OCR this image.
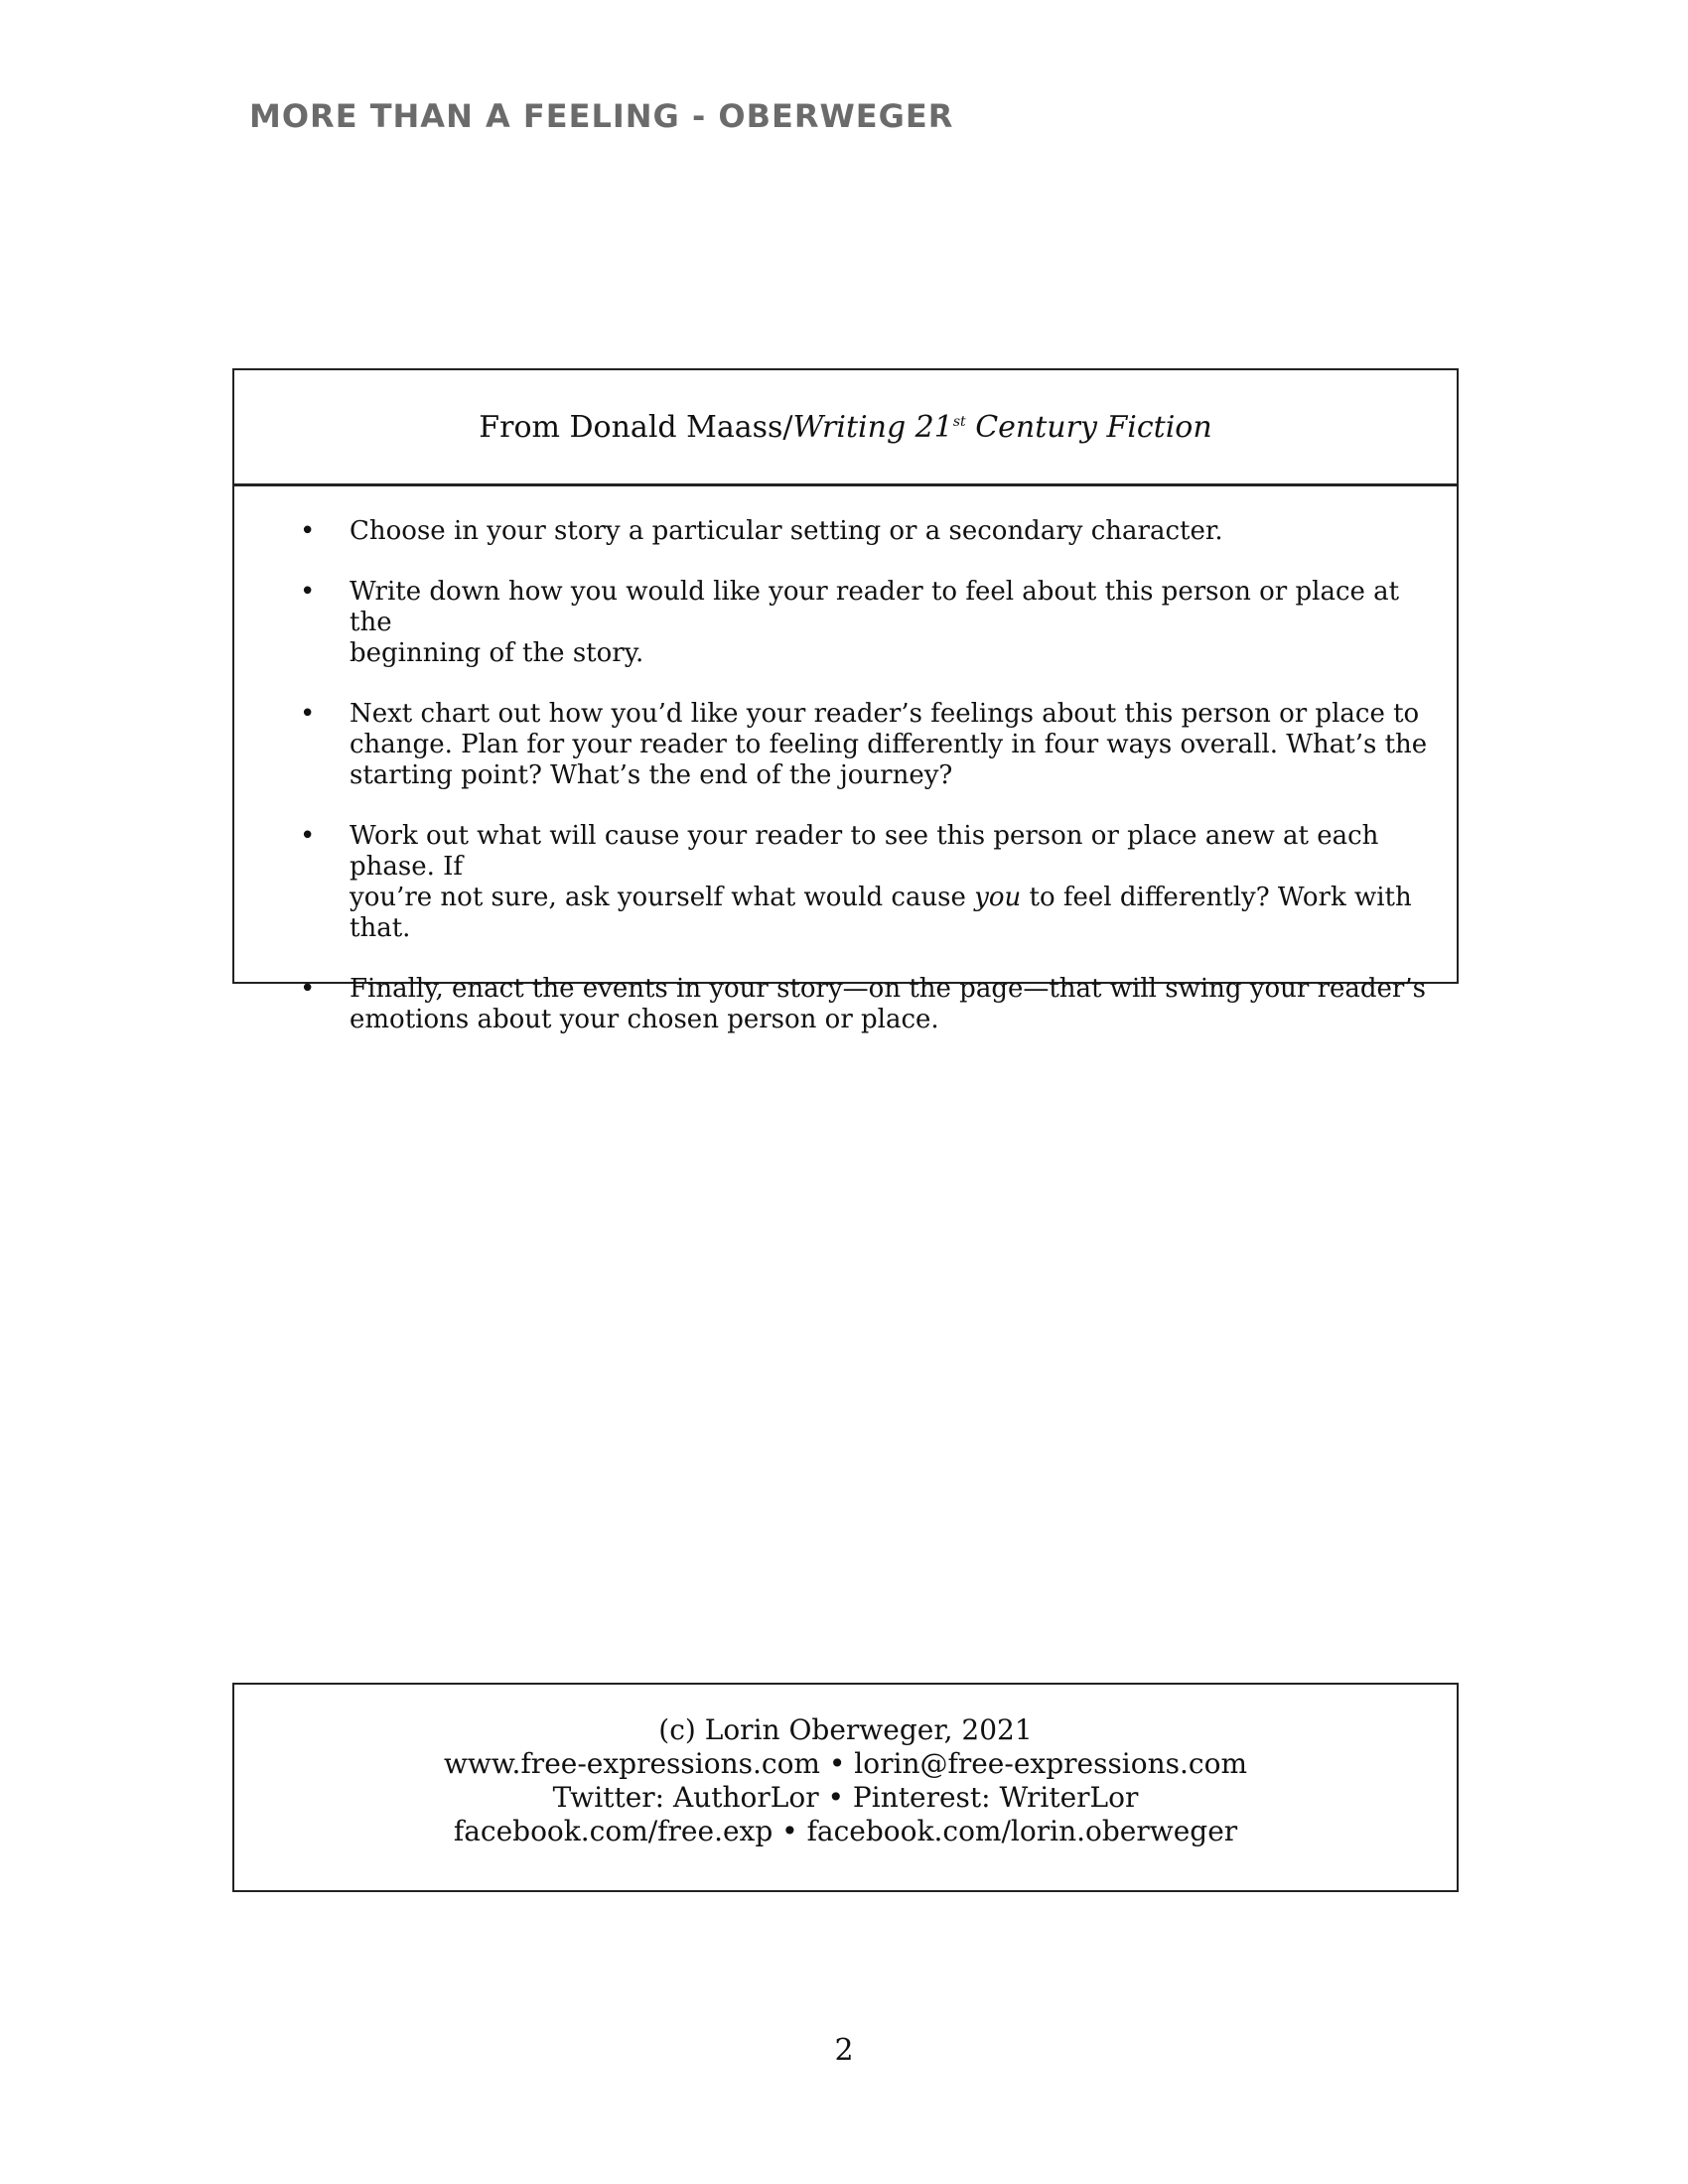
MORE THAN A FEELING - OBERWEGER
From Donald Maass/ Writing 21st Century Fiction
• Choose in your story a particular setting or a secondary character.
• Write down how you would like your reader to feel about this person or place at the
beginning of the story.
• Next chart out how you’d like your reader’s feelings about this person or place to
change. Plan for your reader to feeling differently in four ways overall. What’s the
starting point? What’s the end of the journey?
• Work out what will cause your reader to see this person or place anew at each phase. If
you’re not sure, ask yourself what would cause you to feel differently? Work with that.
• Finally, enact the events in your story—on the page—that will swing your reader’s
emotions about your chosen person or place.
(c) Lorin Oberweger, 2021
www.free-expressions.com • lorin@free-expressions.com
Twitter: AuthorLor • Pinterest: WriterLor
facebook.com/free.exp • facebook.com/lorin.oberweger
2
